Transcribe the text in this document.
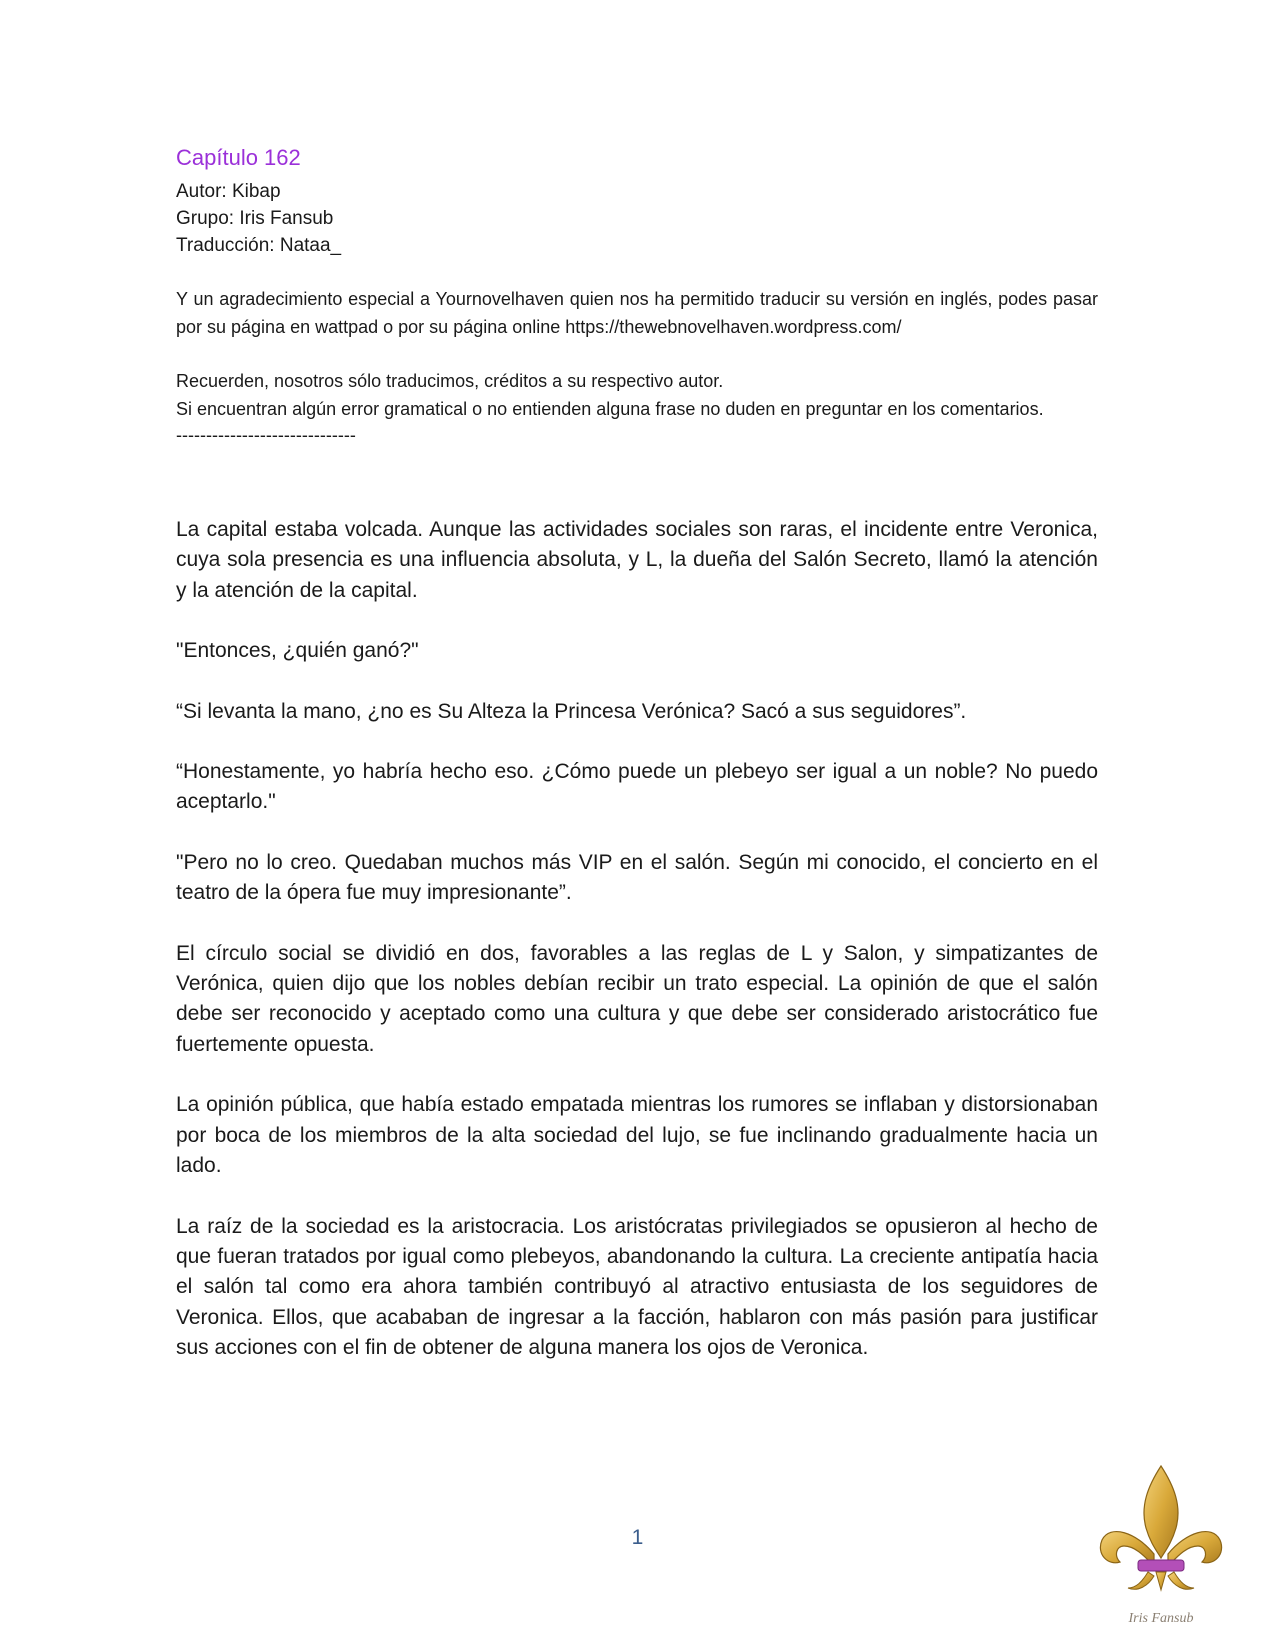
Capítulo 162

Autor: Kibap

Grupo: Iris Fansub

Traducción: Nataa_

Y un agradecimiento especial a Yournovelhaven quien nos ha permitido traducir su versión en inglés, podes pasar por su página en wattpad o por su página online https://thewebnovelhaven.wordpress.com/

Recuerden, nosotros sólo traducimos, créditos a su respectivo autor.

Si encuentran algún error gramatical o no entienden alguna frase no duden en preguntar en los comentarios.

------------------------------

La capital estaba volcada. Aunque las actividades sociales son raras, el incidente entre Veronica, cuya sola presencia es una influencia absoluta, y L, la dueña del Salón Secreto, llamó la atención y la atención de la capital.

"Entonces, ¿quién ganó?"

“Si levanta la mano, ¿no es Su Alteza la Princesa Verónica? Sacó a sus seguidores”.

“Honestamente, yo habría hecho eso. ¿Cómo puede un plebeyo ser igual a un noble? No puedo aceptarlo."

"Pero no lo creo. Quedaban muchos más VIP en el salón. Según mi conocido, el concierto en el teatro de la ópera fue muy impresionante”.

El círculo social se dividió en dos, favorables a las reglas de L y Salon, y simpatizantes de Verónica, quien dijo que los nobles debían recibir un trato especial. La opinión de que el salón debe ser reconocido y aceptado como una cultura y que debe ser considerado aristocrático fue fuertemente opuesta.

La opinión pública, que había estado empatada mientras los rumores se inflaban y distorsionaban por boca de los miembros de la alta sociedad del lujo, se fue inclinando gradualmente hacia un lado.

La raíz de la sociedad es la aristocracia. Los aristócratas privilegiados se opusieron al hecho de que fueran tratados por igual como plebeyos, abandonando la cultura. La creciente antipatía hacia el salón tal como era ahora también contribuyó al atractivo entusiasta de los seguidores de Veronica. Ellos, que acababan de ingresar a la facción, hablaron con más pasión para justificar sus acciones con el fin de obtener de alguna manera los ojos de Veronica.

1
Iris Fansub
